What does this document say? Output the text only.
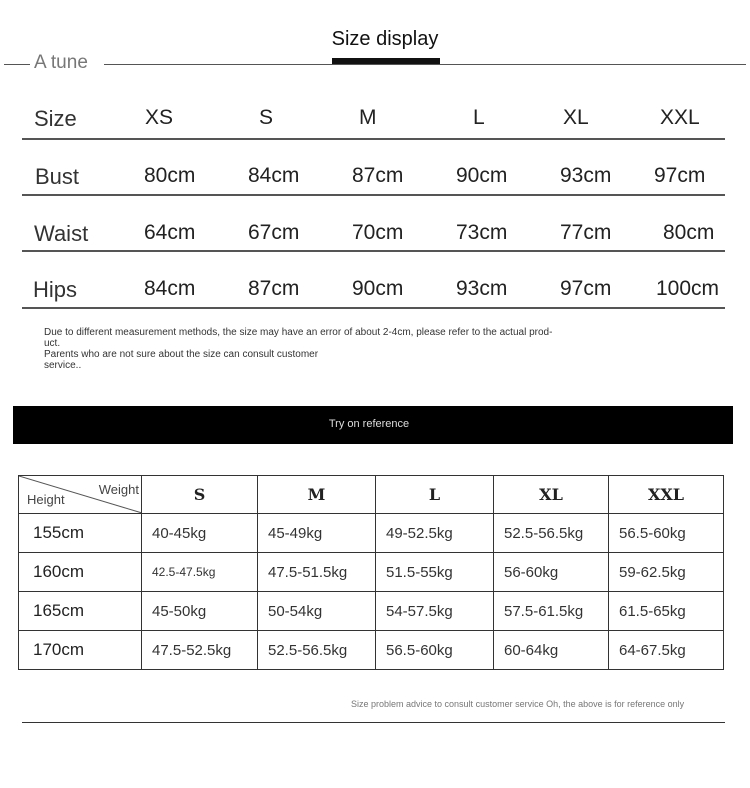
Size display
A tune
Size	XS	S	M	L	XL	XXL
Bust	80cm	84cm	87cm	90cm	93cm 97cm
Waist	64cm	67cm	70cm	73cm	77cm 80cm
Hips	84cm	87cm	90cm	93cm	97cm 100cm

Due to different measurement methods, the size may have an error of about 2-4cm, please refer to the actual prod-

uct.

Parents who are not sure about the size can consult customer

service..

Try on reference
Weight
Height	S	M	L	XL	XXL
155cm	40-45kg	45-49kg	49-52.5kg	52.5-56.5kg	56.5-60kg
160cm	42.5-47.5kg	47.5-51.5kg	51.5-55kg	56-60kg	59-62.5kg
165cm	45-50kg	50-54kg	54-57.5kg	57.5-61.5kg	61.5-65kg
170cm	47.5-52.5kg	52.5-56.5kg	56.5-60kg	60-64kg	64-67.5kg
Size problem advice to consult customer service Oh, the above is for reference only
